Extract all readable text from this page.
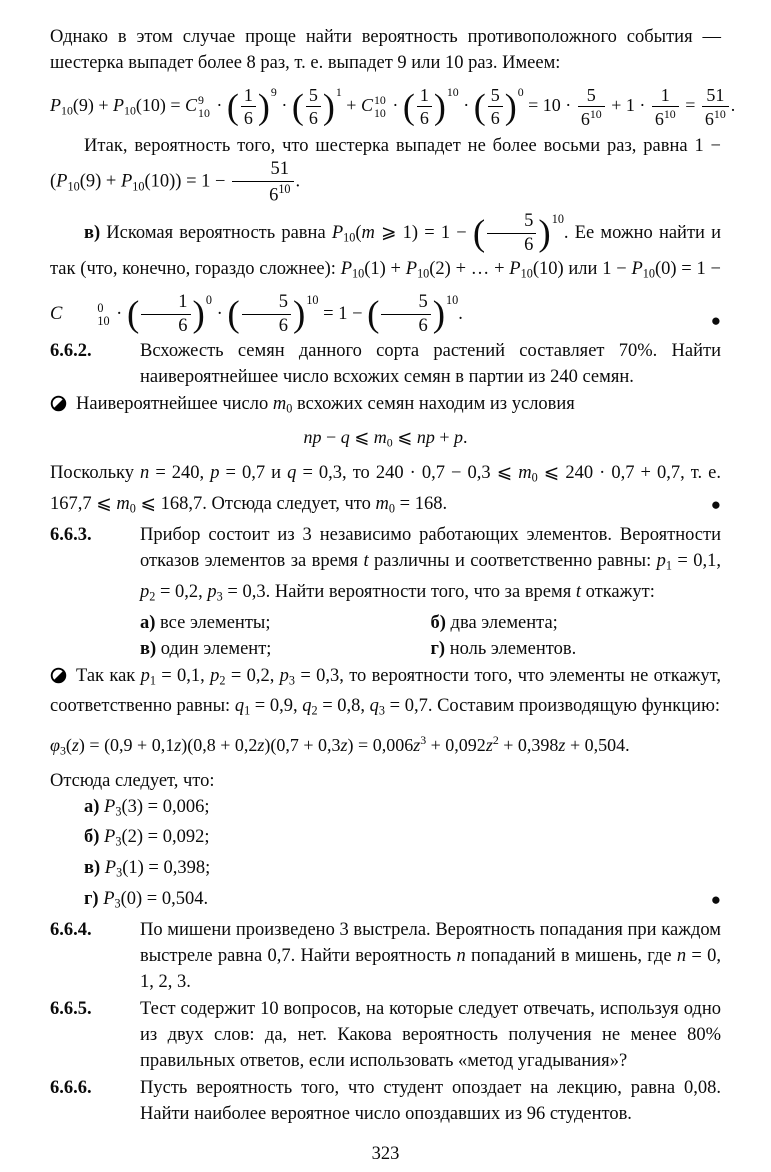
Однако в этом случае проще найти вероятность противоположного события — шестерка выпадет более 8 раз, т. е. выпадет 9 или 10 раз. Имеем:

P10(9) + P10(10) = C 9
10 · ( $\frac{1}{6} )^9$ · ( $\frac{5}{6} )^1 + C$ 10
10 · ( $\frac{1}{6} )^{10}$ · ( $\frac{5}{6} )^0 = 10 \cdot \frac{5}{6^{10}} + 1 \cdot \frac{1}{6^{10}} = \frac{51}{6^{10}}$ .

Итак, вероятность того, что шестерка выпадет не более восьми раз, равна $1 - (P10(9) + P10(10)) = 1 - \frac{51}{6^{10}}$ .

в) Искомая вероятность равна P10(m ⩾ 1) = 1 − ( $\frac{5}{6} )^{10}$. Ее можно найти и так (что, конечно, гораздо сложнее): P10(1) + P10(2) + … + P10(10) или 1 − P10(0) = 1 − C	0
10 · ( $\frac{1}{6} )^0$ · ( $\frac{5}{6} )^{10} = 1$ − ( $\frac{5}{6} )^{10}$.	●

6.6.2.	Всхожесть семян данного сорта растений составляет 70%. Найти наивероятнейшее число всхожих семян в партии из 240 семян.

Наивероятнейшее число m0 всхожих семян находим из условия

np − q ⩽ m0 ⩽ np + p.

Поскольку n = 240, p = 0,7 и q = 0,3, то 240 · 0,7 − 0,3 ⩽ m0 ⩽ 240 · 0,7 + 0,7, т. е. 167,7 ⩽ m0 ⩽ 168,7. Отсюда следует, что m0 = 168.	●

6.6.3.	Прибор состоит из 3 независимо работающих элементов. Вероятности отказов элементов за время t различны и соответственно равны: p1 = 0,1, p2 = 0,2, p3 = 0,3. Найти вероятности того, что за время t откажут:
а) все элементы;	б) два элемента;
в) один элемент;	г) ноль элементов.

Так как p1 = 0,1, p2 = 0,2, p3 = 0,3, то вероятности того, что элементы не откажут, соответственно равны: q1 = 0,9, q2 = 0,8, q3 = 0,7. Составим производящую функцию:

$\varphi 3(z) = (0,9 + 0,1z)(0,8 + 0,2z)(0,7 + 0,3z) = 0,006z^3 + 0,092z^2 + 0,398z + 0,504$.

Отсюда следует, что:

а) P3(3) = 0,006;
б) P3(2) = 0,092;
в) P3(1) = 0,398;
г) P3(0) = 0,504.	●
6.6.4.	По мишени произведено 3 выстрела. Вероятность попадания при каждом выстреле равна 0,7. Найти вероятность n попаданий в мишень, где n = 0, 1, 2, 3.
6.6.5.	Тест содержит 10 вопросов, на которые следует отвечать, используя одно из двух слов: да, нет. Какова вероятность получения не менее 80% правильных ответов, если использовать «метод угадывания»?
6.6.6.	Пусть вероятность того, что студент опоздает на лекцию, равна 0,08. Найти наиболее вероятное число опоздавших из 96 студентов.
323
